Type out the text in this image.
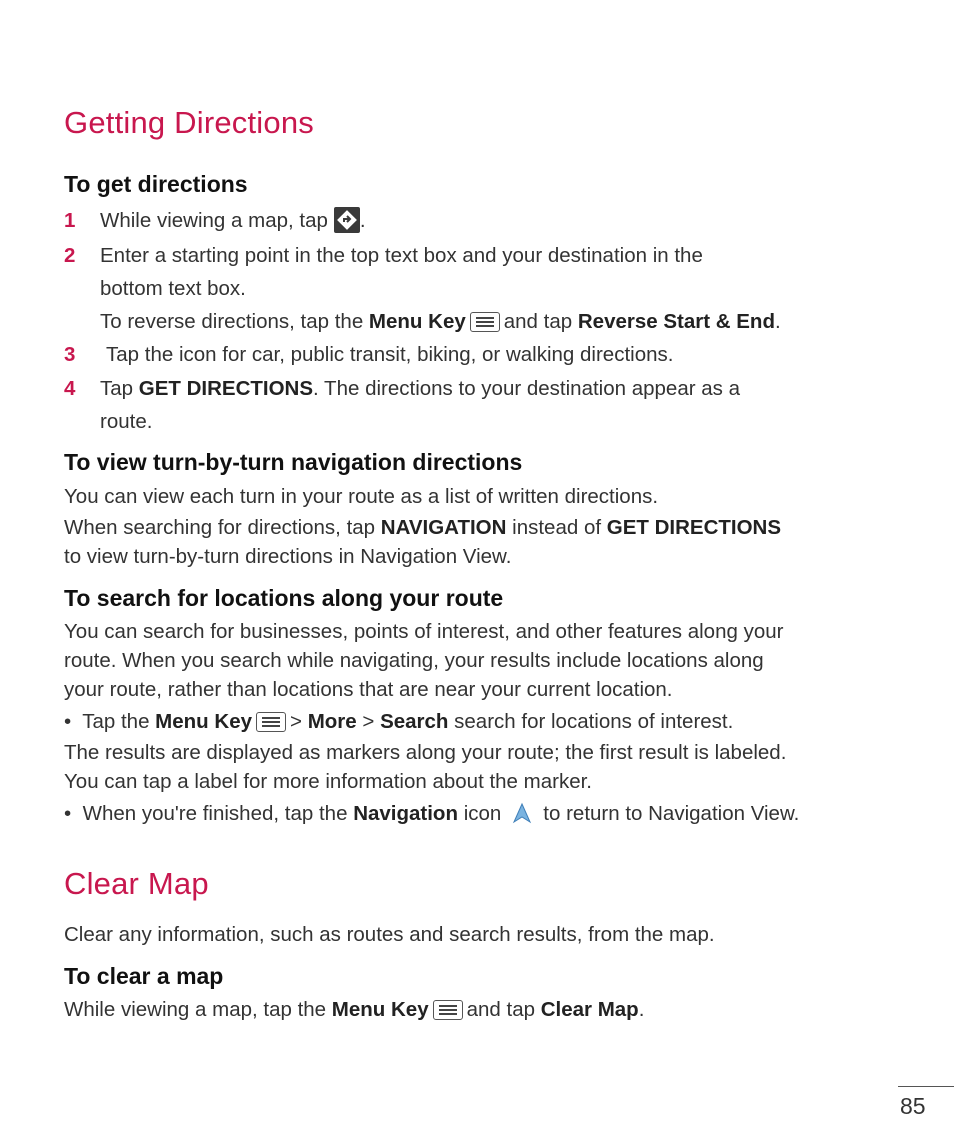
Getting Directions
To get directions
1 While viewing a map, tap .
2 Enter a starting point in the top text box and your destination in the
bottom text box.
To reverse directions, tap the Menu Key and tap Reverse Start & End.
3 Tap the icon for car, public transit, biking, or walking directions.
4 Tap GET DIRECTIONS. The directions to your destination appear as a
route.
To view turn-by-turn navigation directions
You can view each turn in your route as a list of written directions.
When searching for directions, tap NAVIGATION instead of GET DIRECTIONS
to view turn-by-turn directions in Navigation View.
To search for locations along your route
You can search for businesses, points of interest, and other features along your
route. When you search while navigating, your results include locations along
your route, rather than locations that are near your current location.
• Tap the Menu Key > More > Search search for locations of interest.
The results are displayed as markers along your route; the first result is labeled.
You can tap a label for more information about the marker.
• When you're finished, tap the Navigation icon to return to Navigation View.
Clear Map
Clear any information, such as routes and search results, from the map.
To clear a map
While viewing a map, tap the Menu Key and tap Clear Map.
85
